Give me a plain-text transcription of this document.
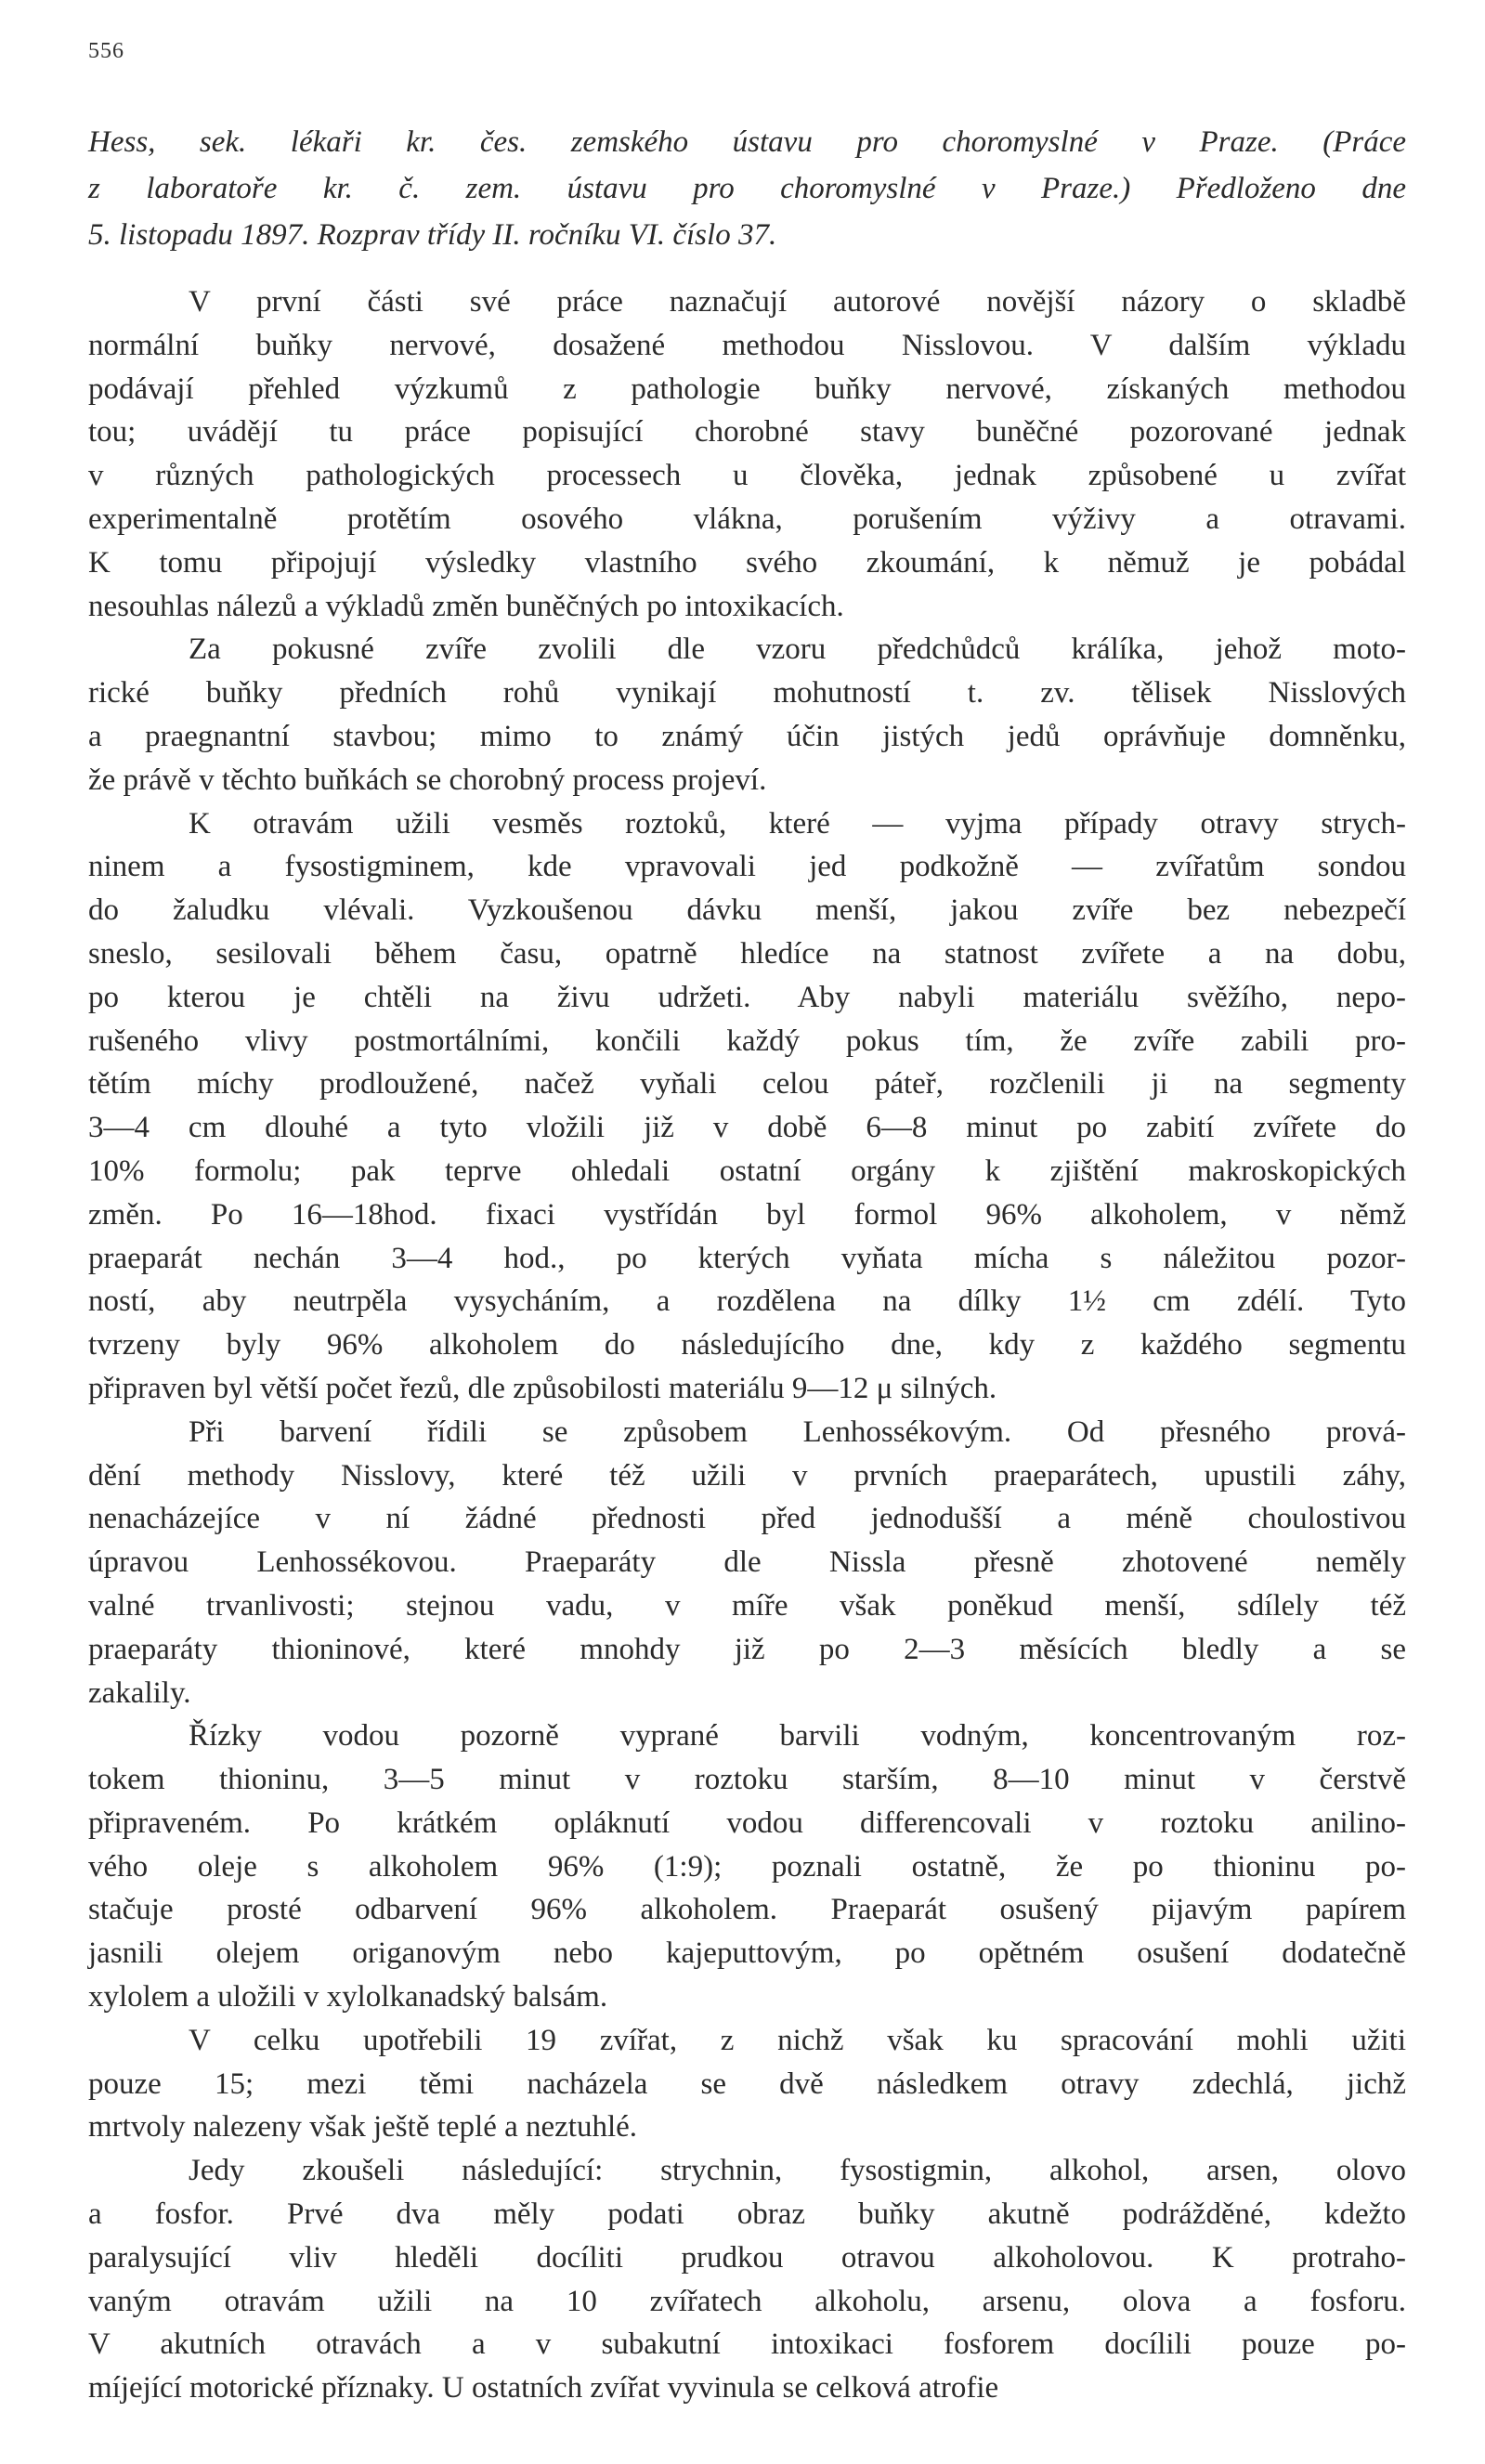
556
Hess, sek. lékaři kr. čes. zemského ústavu pro choromyslné v Praze. (Práce
z laboratoře kr. č. zem. ústavu pro choromyslné v Praze.) Předloženo dne
5. listopadu 1897. Rozprav třídy II. ročníku VI. číslo 37.
V první části své práce naznačují autorové novější názory o skladbě
normální buňky nervové, dosažené methodou Nisslovou. V dalším výkladu
podávají přehled výzkumů z pathologie buňky nervové, získaných methodou
tou; uvádějí tu práce popisující chorobné stavy buněčné pozorované jednak
v různých pathologických processech u člověka, jednak způsobené u zvířat
experimentalně protětím osového vlákna, porušením výživy a otravami.
K tomu připojují výsledky vlastního svého zkoumání, k němuž je pobádal
nesouhlas nálezů a výkladů změn buněčných po intoxikacích.
Za pokusné zvíře zvolili dle vzoru předchůdců králíka, jehož moto-
rické buňky předních rohů vynikají mohutností t. zv. tělisek Nisslových
a praegnantní stavbou; mimo to známý účin jistých jedů oprávňuje domněnku,
že právě v těchto buňkách se chorobný process projeví.
K otravám užili vesměs roztoků, které — vyjma případy otravy strych-
ninem a fysostigminem, kde vpravovali jed podkožně — zvířatům sondou
do žaludku vlévali. Vyzkoušenou dávku menší, jakou zvíře bez nebezpečí
sneslo, sesilovali během času, opatrně hledíce na statnost zvířete a na dobu,
po kterou je chtěli na živu udržeti. Aby nabyli materiálu svěžího, nepo-
rušeného vlivy postmortálními, končili každý pokus tím, že zvíře zabili pro-
tětím míchy prodloužené, načež vyňali celou páteř, rozčlenili ji na segmenty
3—4 cm dlouhé a tyto vložili již v době 6—8 minut po zabití zvířete do
10% formolu; pak teprve ohledali ostatní orgány k zjištění makroskopických
změn. Po 16—18hod. fixaci vystřídán byl formol 96% alkoholem, v němž
praeparát nechán 3—4 hod., po kterých vyňata mícha s náležitou pozor-
ností, aby neutrpěla vysycháním, a rozdělena na dílky 1½ cm zdélí. Tyto
tvrzeny byly 96% alkoholem do následujícího dne, kdy z každého segmentu
připraven byl větší počet řezů, dle způsobilosti materiálu 9—12 μ silných.
Při barvení řídili se způsobem Lenhossékovým. Od přesného prová-
dění methody Nisslovy, které též užili v prvních praeparátech, upustili záhy,
nenacházejíce v ní žádné přednosti před jednodušší a méně choulostivou
úpravou Lenhossékovou. Praeparáty dle Nissla přesně zhotovené neměly
valné trvanlivosti; stejnou vadu, v míře však poněkud menší, sdílely též
praeparáty thioninové, které mnohdy již po 2—3 měsících bledly a se
zakalily.
Řízky vodou pozorně vyprané barvili vodným, koncentrovaným roz-
tokem thioninu, 3—5 minut v roztoku starším, 8—10 minut v čerstvě
připraveném. Po krátkém opláknutí vodou differencovali v roztoku anilino-
vého oleje s alkoholem 96% (1:9); poznali ostatně, že po thioninu po-
stačuje prosté odbarvení 96% alkoholem. Praeparát osušený pijavým papírem
jasnili olejem origanovým nebo kajeputtovým, po opětném osušení dodatečně
xylolem a uložili v xylolkanadský balsám.
V celku upotřebili 19 zvířat, z nichž však ku spracování mohli užiti
pouze 15; mezi těmi nacházela se dvě následkem otravy zdechlá, jichž
mrtvoly nalezeny však ještě teplé a neztuhlé.
Jedy zkoušeli následující: strychnin, fysostigmin, alkohol, arsen, olovo
a fosfor. Prvé dva měly podati obraz buňky akutně podrážděné, kdežto
paralysující vliv hleděli docíliti prudkou otravou alkoholovou. K protraho-
vaným otravám užili na 10 zvířatech alkoholu, arsenu, olova a fosforu.
V akutních otravách a v subakutní intoxikaci fosforem docílili pouze po-
míjející motorické příznaky. U ostatních zvířat vyvinula se celková atrofie
